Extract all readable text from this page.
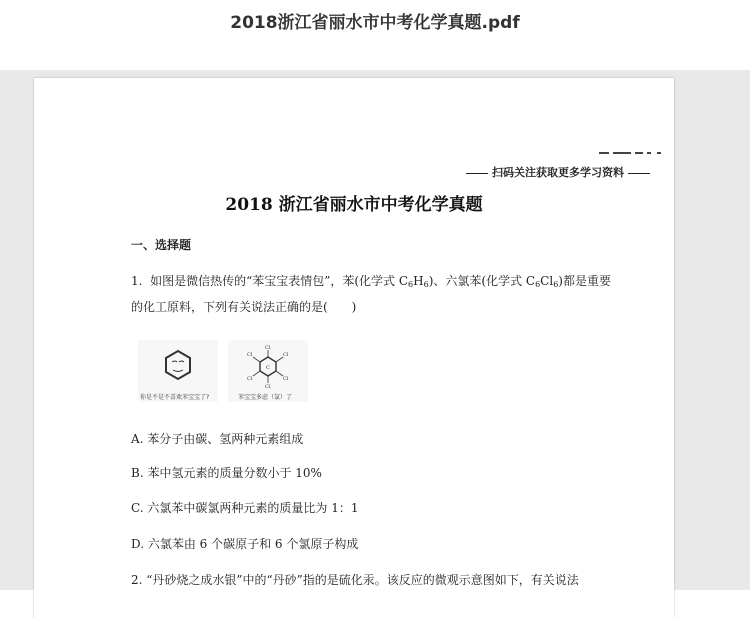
2018浙江省丽水市中考化学真题.pdf
扫码关注获取更多学习资料
2018 浙江省丽水市中考化学真题
一、选择题
1. 如图是微信热传的“苯宝宝表情包”，苯(化学式 $C_6H_6$)、六氯苯(化学式 $C_6Cl_6$)都是重要
的化工原料，下列有关说法正确的是(　　)
Cl
Cl
Cl
Cl
Cl
Cl
C
你是不是不喜欢苯宝宝了?	苯宝宝多虑（氯）了
A. 苯分子由碳、氢两种元素组成
B. 苯中氢元素的质量分数小于 10%
C. 六氯苯中碳氯两种元素的质量比为 1：1
D. 六氯苯由 6 个碳原子和 6 个氯原子构成
2. “丹砂烧之成水银”中的“丹砂”指的是硫化汞。该反应的微观示意图如下，有关说法
